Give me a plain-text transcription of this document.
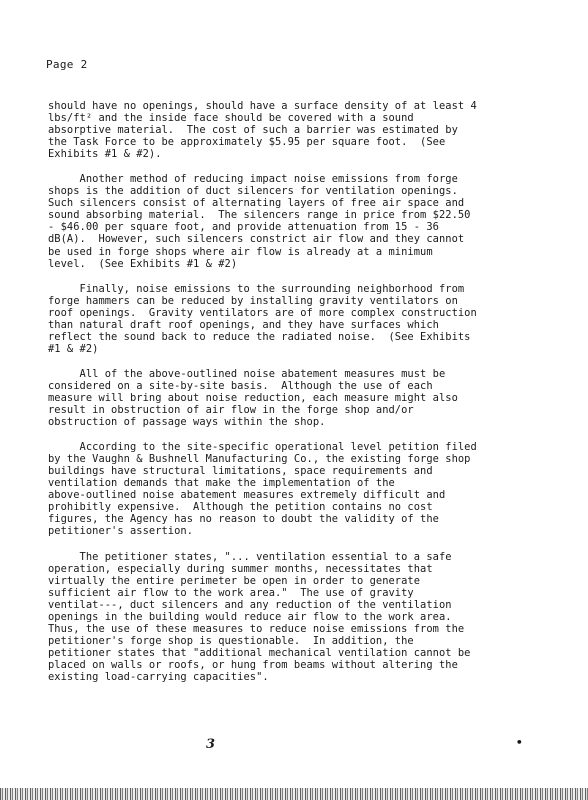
Page 2

should have no openings, should have a surface density of at least 4
lbs/ft² and the inside face should be covered with a sound
absorptive material.  The cost of such a barrier was estimated by
the Task Force to be approximately $5.95 per square foot.  (See
Exhibits #1 & #2).

Another method of reducing impact noise emissions from forge
shops is the addition of duct silencers for ventilation openings.
Such silencers consist of alternating layers of free air space and
sound absorbing material.  The silencers range in price from $22.50
- $46.00 per square foot, and provide attenuation from 15 - 36
dB(A).  However, such silencers constrict air flow and they cannot
be used in forge shops where air flow is already at a minimum
level.  (See Exhibits #1 & #2)

Finally, noise emissions to the surrounding neighborhood from
forge hammers can be reduced by installing gravity ventilators on
roof openings.  Gravity ventilators are of more complex construction
than natural draft roof openings, and they have surfaces which
reflect the sound back to reduce the radiated noise.  (See Exhibits
#1 & #2)

All of the above-outlined noise abatement measures must be
considered on a site-by-site basis.  Although the use of each
measure will bring about noise reduction, each measure might also
result in obstruction of air flow in the forge shop and/or
obstruction of passage ways within the shop.

According to the site-specific operational level petition filed
by the Vaughn & Bushnell Manufacturing Co., the existing forge shop
buildings have structural limitations, space requirements and
ventilation demands that make the implementation of the
above-outlined noise abatement measures extremely difficult and
prohibitly expensive.  Although the petition contains no cost
figures, the Agency has no reason to doubt the validity of the
petitioner's assertion.

The petitioner states, "... ventilation essential to a safe
operation, especially during summer months, necessitates that
virtually the entire perimeter be open in order to generate
sufficient air flow to the work area."  The use of gravity
ventilat---, duct silencers and any reduction of the ventilation
openings in the building would reduce air flow to the work area.
Thus, the use of these measures to reduce noise emissions from the
petitioner's forge shop is questionable.  In addition, the
petitioner states that "additional mechanical ventilation cannot be
placed on walls or roofs, or hung from beams without altering the
existing load-carrying capacities".

3	•
